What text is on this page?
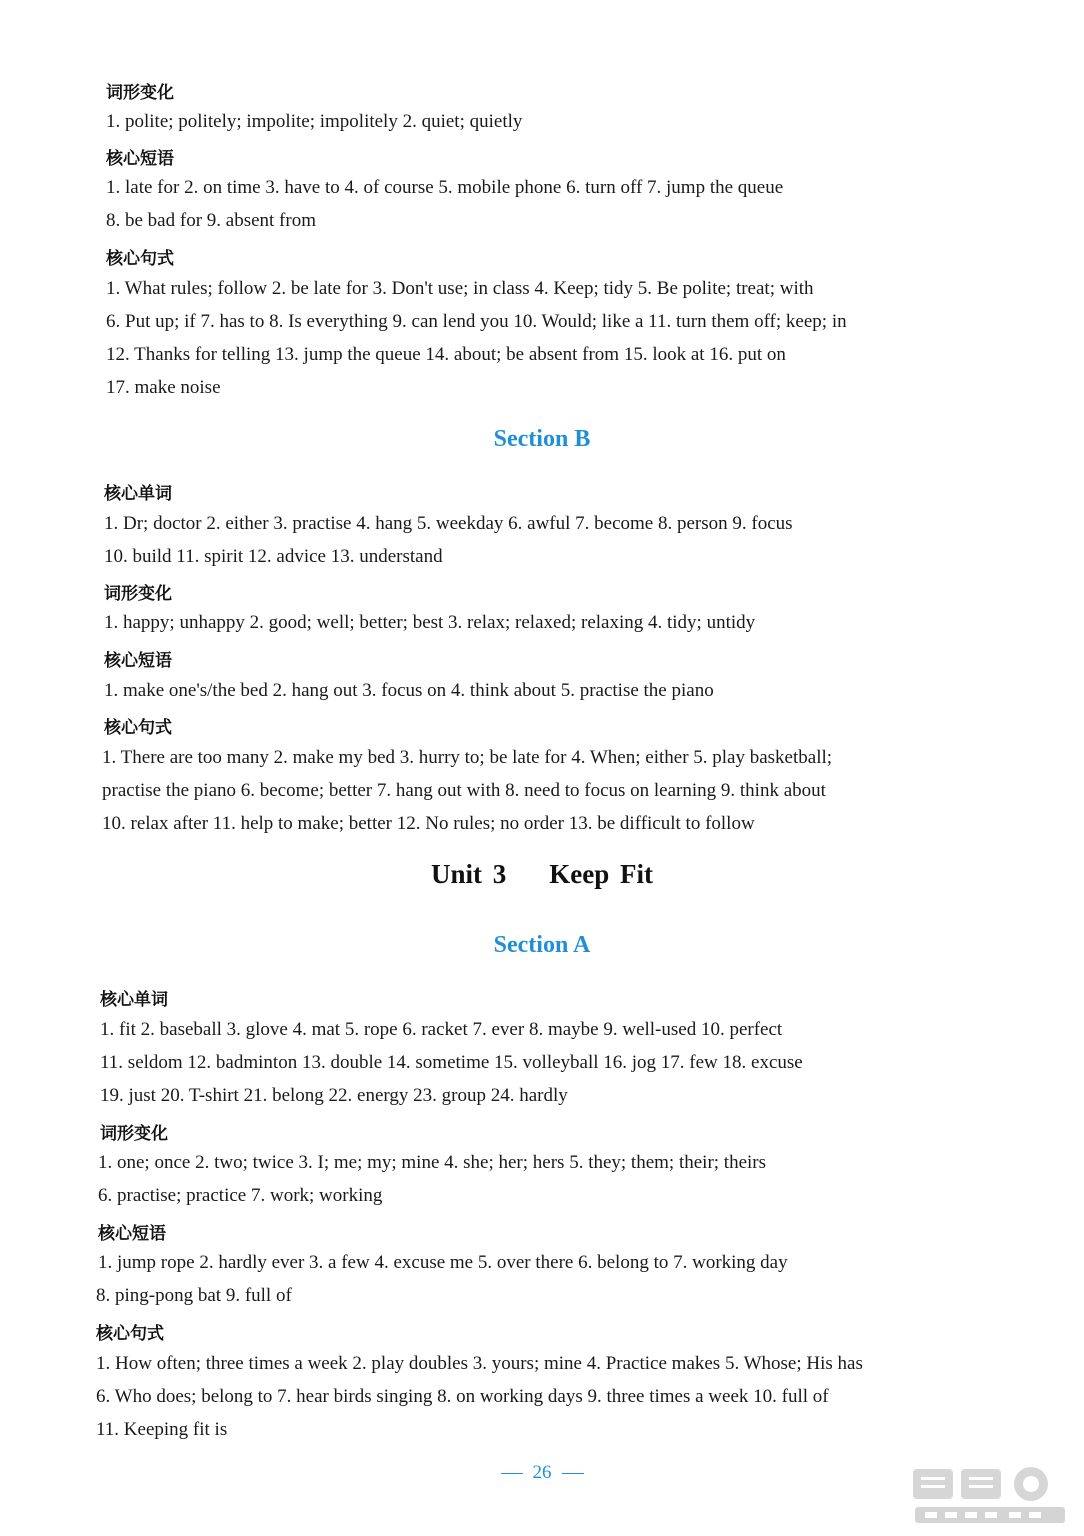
词形变化
1. polite; politely; impolite; impolitely 2. quiet; quietly
核心短语
1. late for 2. on time 3. have to 4. of course 5. mobile phone 6. turn off 7. jump the queue
8. be bad for 9. absent from
核心句式
1. What rules; follow 2. be late for 3. Don't use; in class 4. Keep; tidy 5. Be polite; treat; with
6. Put up; if 7. has to 8. Is everything 9. can lend you 10. Would; like a 11. turn them off; keep; in
12. Thanks for telling 13. jump the queue 14. about; be absent from 15. look at 16. put on
17. make noise
Section B
核心单词
1. Dr; doctor 2. either 3. practise 4. hang 5. weekday 6. awful 7. become 8. person 9. focus
10. build 11. spirit 12. advice 13. understand
词形变化
1. happy; unhappy 2. good; well; better; best 3. relax; relaxed; relaxing 4. tidy; untidy
核心短语
1. make one's/the bed 2. hang out 3. focus on 4. think about 5. practise the piano
核心句式
1. There are too many 2. make my bed 3. hurry to; be late for 4. When; either 5. play basketball;
practise the piano 6. become; better 7. hang out with 8. need to focus on learning 9. think about
10. relax after 11. help to make; better 12. No rules; no order 13. be difficult to follow
Unit 3    Keep Fit
Section A
核心单词
1. fit 2. baseball 3. glove 4. mat 5. rope 6. racket 7. ever 8. maybe 9. well-used 10. perfect
11. seldom 12. badminton 13. double 14. sometime 15. volleyball 16. jog 17. few 18. excuse
19. just 20. T-shirt 21. belong 22. energy 23. group 24. hardly
词形变化
1. one; once 2. two; twice 3. I; me; my; mine 4. she; her; hers 5. they; them; their; theirs
6. practise; practice 7. work; working
核心短语
1. jump rope 2. hardly ever 3. a few 4. excuse me 5. over there 6. belong to 7. working day
8. ping-pong bat 9. full of
核心句式
1. How often; three times a week 2. play doubles 3. yours; mine 4. Practice makes 5. Whose; His has
6. Who does; belong to 7. hear birds singing 8. on working days 9. three times a week 10. full of
11. Keeping fit is
26
